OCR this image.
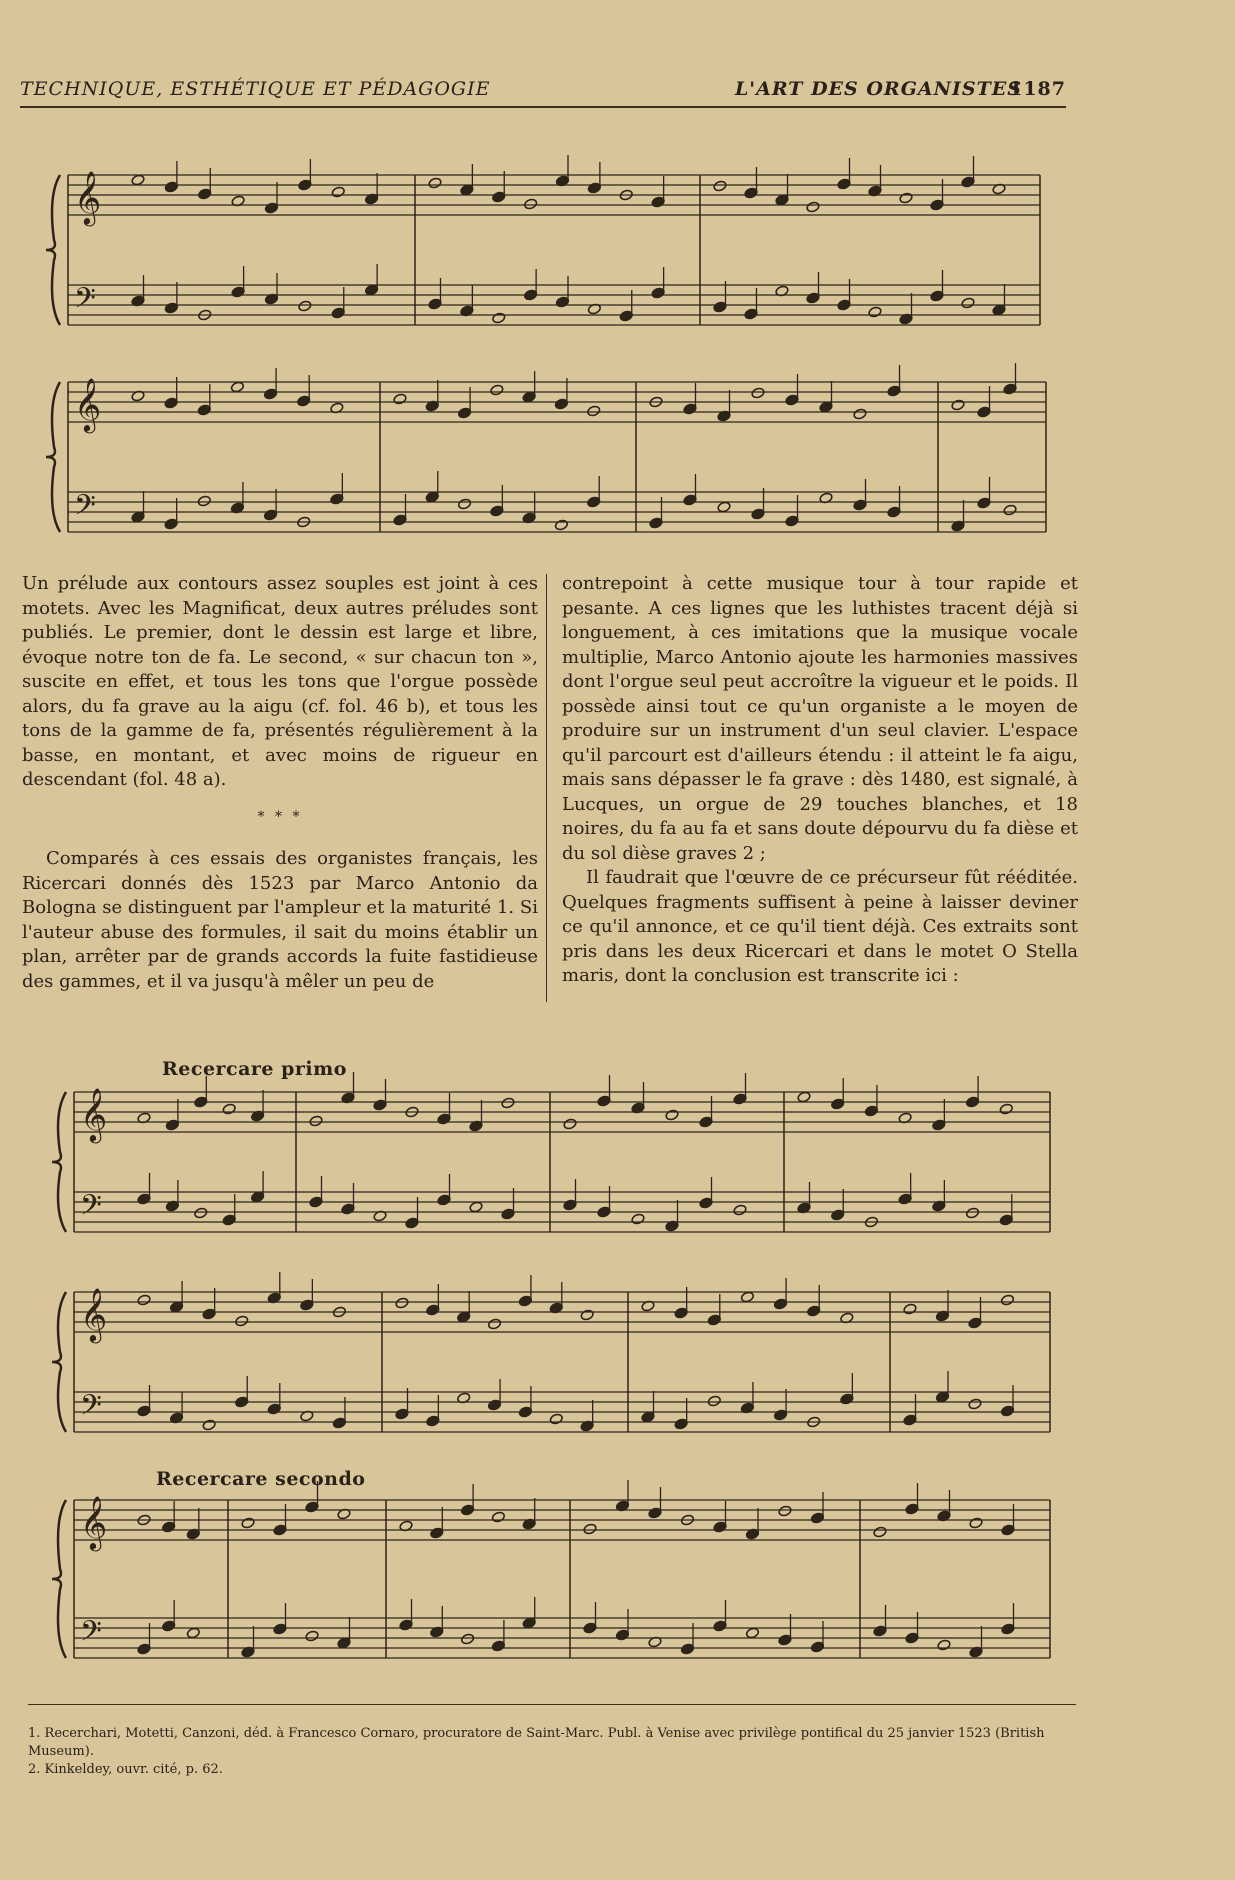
TECHNIQUE, ESTHÉTIQUE ET PÉDAGOGIE	L'ART DES ORGANISTES
1187
𝄞
𝄢
𝄞
𝄢
𝄞
𝄢
𝄞
𝄢
𝄞
𝄢

Un prélude aux contours assez souples est joint à ces motets. Avec les Magnificat, deux autres préludes sont publiés. Le premier, dont le dessin est large et libre, évoque notre ton de fa. Le second, « sur chacun ton », suscite en effet, et tous les tons que l'orgue possède alors, du fa grave au la aigu (cf. fol. 46 b), et tous les tons de la gamme de fa, présentés régulièrement à la basse, en montant, et avec moins de rigueur en descendant (fol. 48 a).

* * *

Comparés à ces essais des organistes français, les Ricercari donnés dès 1523 par Marco Antonio da Bologna se distinguent par l'ampleur et la maturité 1. Si l'auteur abuse des formules, il sait du moins établir un plan, arrêter par de grands accords la fuite fastidieuse des gammes, et il va jusqu'à mêler un peu de

contrepoint à cette musique tour à tour rapide et pesante. A ces lignes que les luthistes tracent déjà si longuement, à ces imitations que la musique vocale multiplie, Marco Antonio ajoute les harmonies massives dont l'orgue seul peut accroître la vigueur et le poids. Il possède ainsi tout ce qu'un organiste a le moyen de produire sur un instrument d'un seul clavier. L'espace qu'il parcourt est d'ailleurs étendu : il atteint le fa aigu, mais sans dépasser le fa grave : dès 1480, est signalé, à Lucques, un orgue de 29 touches blanches, et 18 noires, du fa au fa et sans doute dépourvu du fa dièse et du sol dièse graves 2 ;

Il faudrait que l'œuvre de ce précurseur fût rééditée. Quelques fragments suffisent à peine à laisser deviner ce qu'il annonce, et ce qu'il tient déjà. Ces extraits sont pris dans les deux Ricercari et dans le motet O Stella maris, dont la conclusion est transcrite ici :

Recercare primo
Recercare secondo

1. Recerchari, Motetti, Canzoni, déd. à Francesco Cornaro, procuratore de Saint-Marc. Publ. à Venise avec privilège pontifical du 25 janvier 1523 (British Museum).

2. Kinkeldey, ouvr. cité, p. 62.
